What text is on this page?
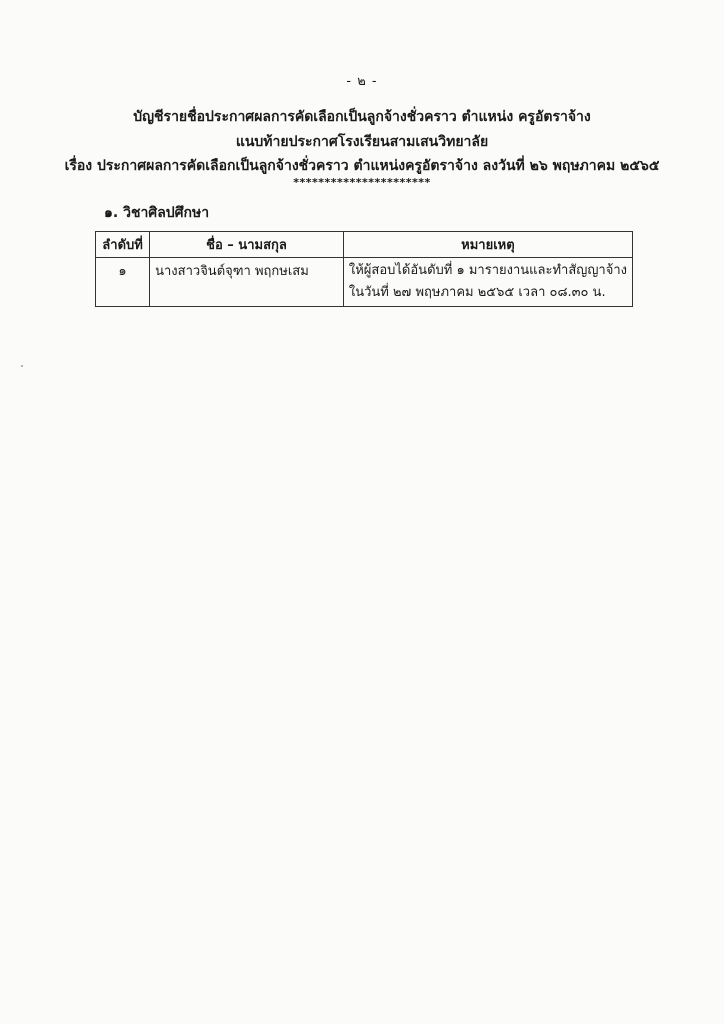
- ๒ -
บัญชีรายชื่อประกาศผลการคัดเลือกเป็นลูกจ้างชั่วคราว ตำแหน่ง ครูอัตราจ้าง
แนบท้ายประกาศโรงเรียนสามเสนวิทยาลัย
เรื่อง ประกาศผลการคัดเลือกเป็นลูกจ้างชั่วคราว ตำแหน่งครูอัตราจ้าง ลงวันที่ ๒๖ พฤษภาคม ๒๕๖๕
**********************
๑. วิชาศิลปศึกษา
ลำดับที่	ชื่อ – นามสกุล	หมายเหตุ
๑	นางสาวจินต์จุฑา พฤกษเสม	ให้ผู้สอบได้อันดับที่ ๑ มารายงานและทำสัญญาจ้าง
ในวันที่ ๒๗ พฤษภาคม ๒๕๖๕ เวลา ๐๘.๓๐ น.
